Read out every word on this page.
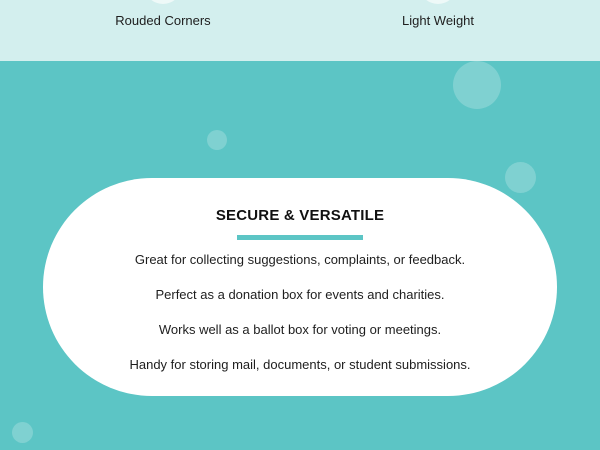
Rouded Corners	Light Weight
SECURE & VERSATILE

Great for collecting suggestions, complaints, or feedback.

Perfect as a donation box for events and charities.

Works well as a ballot box for voting or meetings.

Handy for storing mail, documents, or student submissions.
